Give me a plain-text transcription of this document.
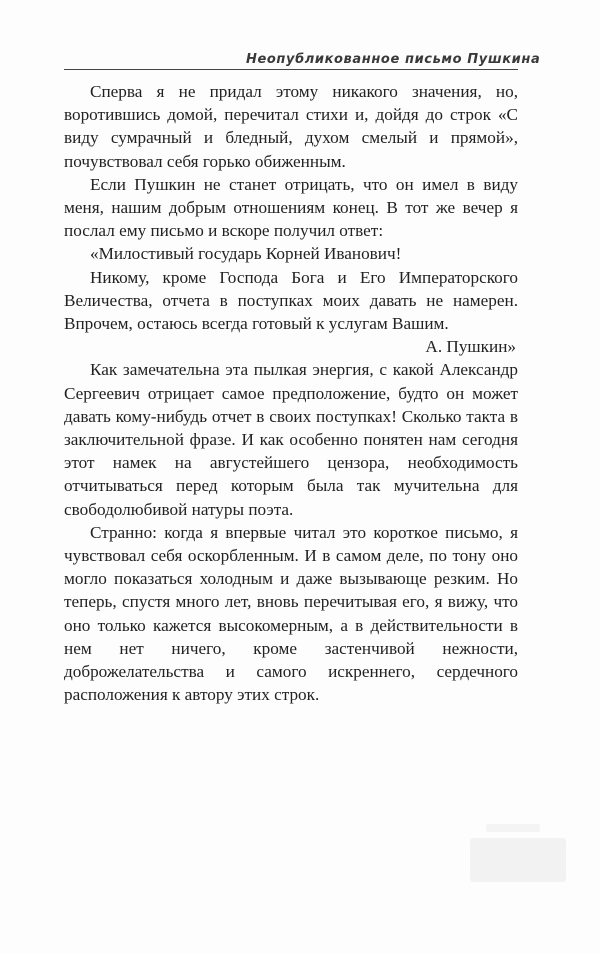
Неопубликованное письмо Пушкина

Сперва я не придал этому никакого значения, но, воротившись домой, перечитал стихи и, дойдя до строк «С виду сумрачный и бледный, духом смелый и прямой», почувствовал себя горько обиженным.

Если Пушкин не станет отрицать, что он имел в виду меня, нашим добрым отношениям конец. В тот же вечер я послал ему письмо и вскоре получил ответ:

«Милостивый государь Корней Иванович!

Никому, кроме Господа Бога и Его Императорского Величества, отчета в поступках моих давать не намерен. Впрочем, остаюсь всегда готовый к услугам Вашим.

А. Пушкин»

Как замечательна эта пылкая энергия, с какой Александр Сергеевич отрицает самое предположение, будто он может давать кому-нибудь отчет в своих поступках! Сколько такта в заключительной фразе. И как особенно понятен нам сегодня этот намек на августейшего цензора, необходимость отчитываться перед которым была так мучительна для свободолюбивой натуры поэта.

Странно: когда я впервые читал это короткое письмо, я чувствовал себя оскорбленным. И в самом деле, по тону оно могло показаться холодным и даже вызывающе резким. Но теперь, спустя много лет, вновь перечитывая его, я вижу, что оно только кажется высокомерным, а в действительности в нем нет ничего, кроме застенчивой нежности, доброжелательства и самого искреннего, сердечного расположения к автору этих строк.
